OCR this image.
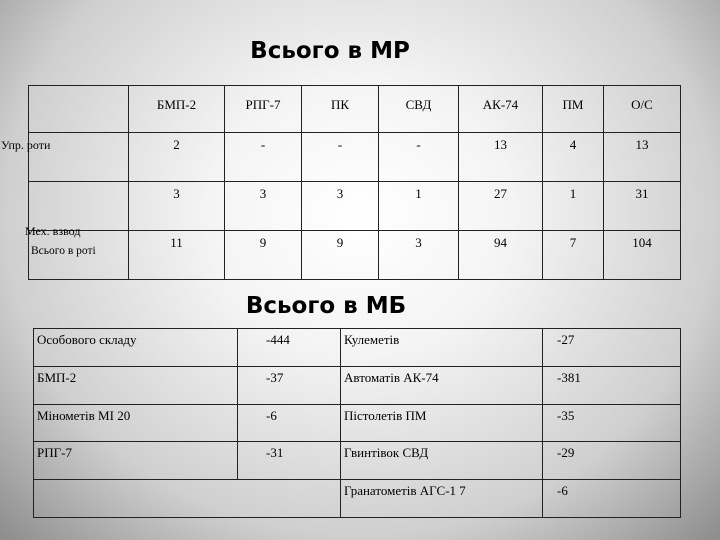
Всього в МР
	БМП-2	РПГ-7	ПК	СВД	АК-74	ПМ	О/С

Упр. роти	2	-	-	-	13	4	13

Мех. взвод	3	3	3	1	27	1	31

Всього в роті	11	9	9	3	94	7	104
Всього в МБ
Особового складу	-444	Кулеметів	-27
БМП-2	-37	Автоматів АК-74	-381
Мінометів МІ 20	-6	Пістолетів ПМ	-35
РПГ-7	-31	Гвинтівок СВД	-29
		Гранатометів АГС-1 7	-6
